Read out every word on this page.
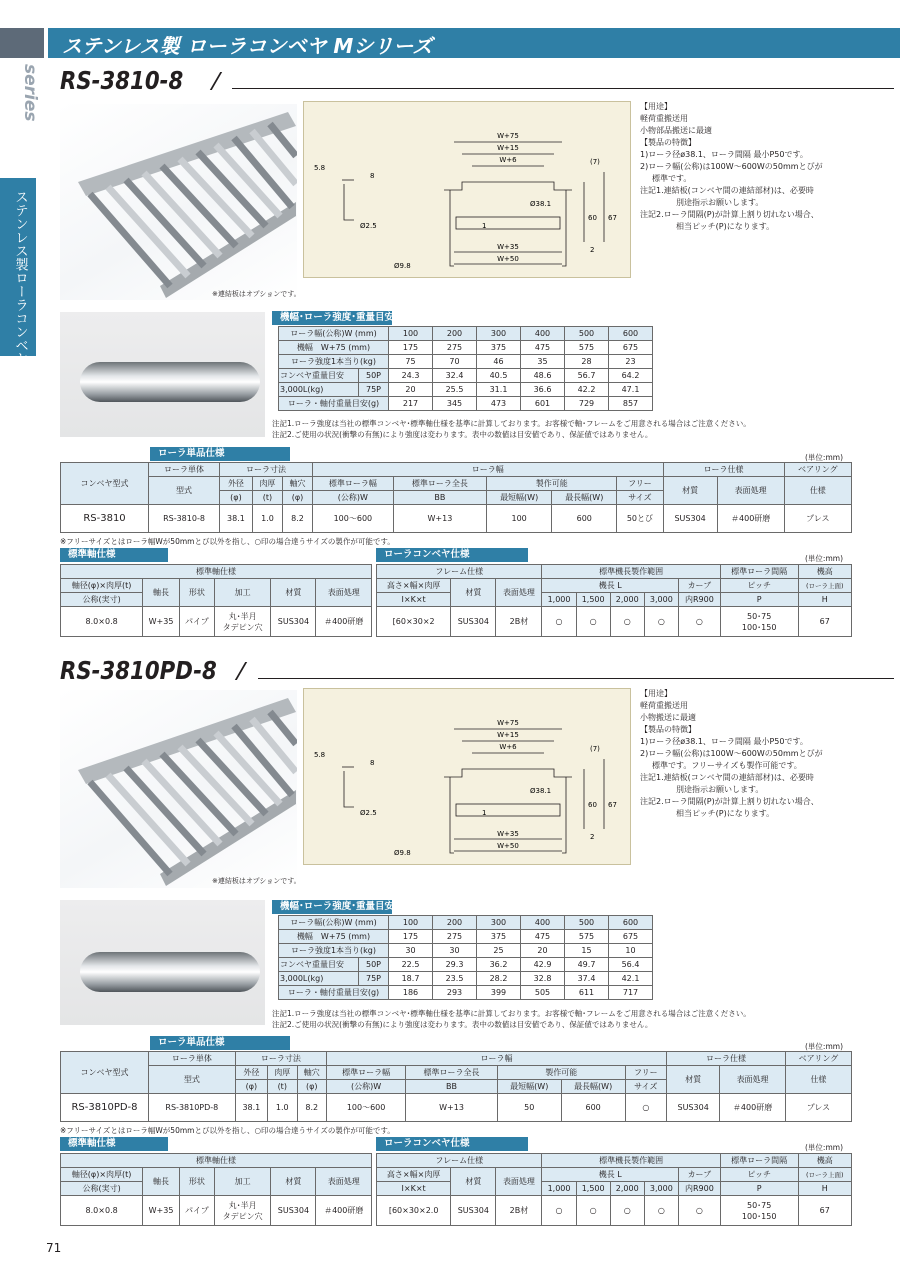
ステンレス製 ローラコンベヤ Mシリーズ
series
ステンレス製ローラコンベヤ
RS-3810-8
※連結板はオプションです。
W+75
W+15
W+6
W+35
W+50
5.8
8
(7)
Ø38.1
60 67
1
2
Ø2.5
Ø9.8
【用途】
軽荷重搬送用
小物部品搬送に最適
【製品の特徴】
1)ローラ径ø38.1、ローラ間隔 最小P50です。
2)ローラ幅(公称)は100W～600Wの50mmとびが
標準です。
注記1.連結板(コンベヤ間の連結部材)は、必要時
別途指示お願いします。
注記2.ローラ間隔(P)が計算上割り切れない場合、
相当ピッチ(P)になります。
機幅･ローラ強度･重量目安
ローラ幅(公称)W (mm)		100	200	300	400	500	600
機幅　W+75 (mm)		175	275	375	475	575	675
ローラ強度1本当り(kg)		75	70	46	35	28	23
コンベヤ重量目安	50P	24.3	32.4	40.5	48.6	56.7	64.2
3,000L(kg)	75P	20	25.5	31.1	36.6	42.2	47.1
ローラ・軸付重量目安(g)		217	345	473	601	729	857
注記1.ローラ強度は当社の標準コンベヤ･標準軸仕様を基準に計算しております。お客様で軸･フレームをご用意される場合はご注意ください。
注記2.ご使用の状況(衝撃の有無)により強度は変わります。表中の数値は目安値であり、保証値ではありません。
ローラ単品仕様	(単位:mm)
コンベヤ型式	ローラ単体	ローラ寸法			ローラ幅					ローラ仕様		ベアリング
	型式	外径	肉厚	軸穴	標準ローラ幅	標準ローラ全長	製作可能		フリー	材質	表面処理	仕様
		(φ)	(t)	(φ)	(公称)W	BB	最短幅(W)	最長幅(W)	サイズ			
RS-3810	RS-3810-8	38.1	1.0	8.2	100～600	W+13	100	600	50とび	SUS304	＃400研磨	プレス
※フリーサイズとはローラ幅Wが50mmとび以外を指し、○印の場合達うサイズの製作が可能です。
標準軸仕様
標準軸仕様					
軸径(φ)×肉厚(t)	軸長	形状	加工	材質	表面処理
公称(実寸)					
8.0×0.8	W+35	パイプ	丸･半月
タデピン穴	SUS304	＃400研磨
ローラコンベヤ仕様	(単位:mm)
フレーム仕様			標準機長製作範囲					標準ローラ間隔	機高
高さ×幅×肉厚	材質	表面処理	機長 L				カーブ	ピッチ	(ローラ上面)
I×K×t			1,000	1,500	2,000	3,000	内R900	P	H
[60×30×2	SUS304	2B材	○	○	○	○	○	50･75
100･150	67
RS-3810PD-8
※連結板はオプションです。
W+75
W+15
W+6
W+35
W+50
5.8
8
(7)
Ø38.1
60 67
1
2
Ø2.5
Ø9.8
【用途】
軽荷重搬送用
小物搬送に最適
【製品の特徴】
1)ローラ径ø38.1、ローラ間隔 最小P50です。
2)ローラ幅(公称)は100W～600Wの50mmとびが
標準です。フリーサイズも製作可能です。
注記1.連結板(コンベヤ間の連結部材)は、必要時
別途指示お願いします。
注記2.ローラ間隔(P)が計算上割り切れない場合、
相当ピッチ(P)になります。
機幅･ローラ強度･重量目安
ローラ幅(公称)W (mm)		100	200	300	400	500	600
機幅　W+75 (mm)		175	275	375	475	575	675
ローラ強度1本当り(kg)		30	30	25	20	15	10
コンベヤ重量目安	50P	22.5	29.3	36.2	42.9	49.7	56.4
3,000L(kg)	75P	18.7	23.5	28.2	32.8	37.4	42.1
ローラ・軸付重量目安(g)		186	293	399	505	611	717
注記1.ローラ強度は当社の標準コンベヤ･標準軸仕様を基準に計算しております。お客様で軸･フレームをご用意される場合はご注意ください。
注記2.ご使用の状況(衝撃の有無)により強度は変わります。表中の数値は目安値であり、保証値ではありません。
ローラ単品仕様	(単位:mm)
コンベヤ型式	ローラ単体	ローラ寸法			ローラ幅					ローラ仕様		ベアリング
	型式	外径	肉厚	軸穴	標準ローラ幅	標準ローラ全長	製作可能		フリー	材質	表面処理	仕様
		(φ)	(t)	(φ)	(公称)W	BB	最短幅(W)	最長幅(W)	サイズ			
RS-3810PD-8	RS-3810PD-8	38.1	1.0	8.2	100～600	W+13	50	600	○	SUS304	＃400研磨	プレス
※フリーサイズとはローラ幅Wが50mmとび以外を指し、○印の場合達うサイズの製作が可能です。
標準軸仕様
標準軸仕様					
軸径(φ)×肉厚(t)	軸長	形状	加工	材質	表面処理
公称(実寸)					
8.0×0.8	W+35	パイプ	丸･半月
タデピン穴	SUS304	＃400研磨
ローラコンベヤ仕様	(単位:mm)
フレーム仕様			標準機長製作範囲					標準ローラ間隔	機高
高さ×幅×肉厚	材質	表面処理	機長 L				カーブ	ピッチ	(ローラ上面)
I×K×t			1,000	1,500	2,000	3,000	内R900	P	H
[60×30×2.0	SUS304	2B材	○	○	○	○	○	50･75
100･150	67
71
